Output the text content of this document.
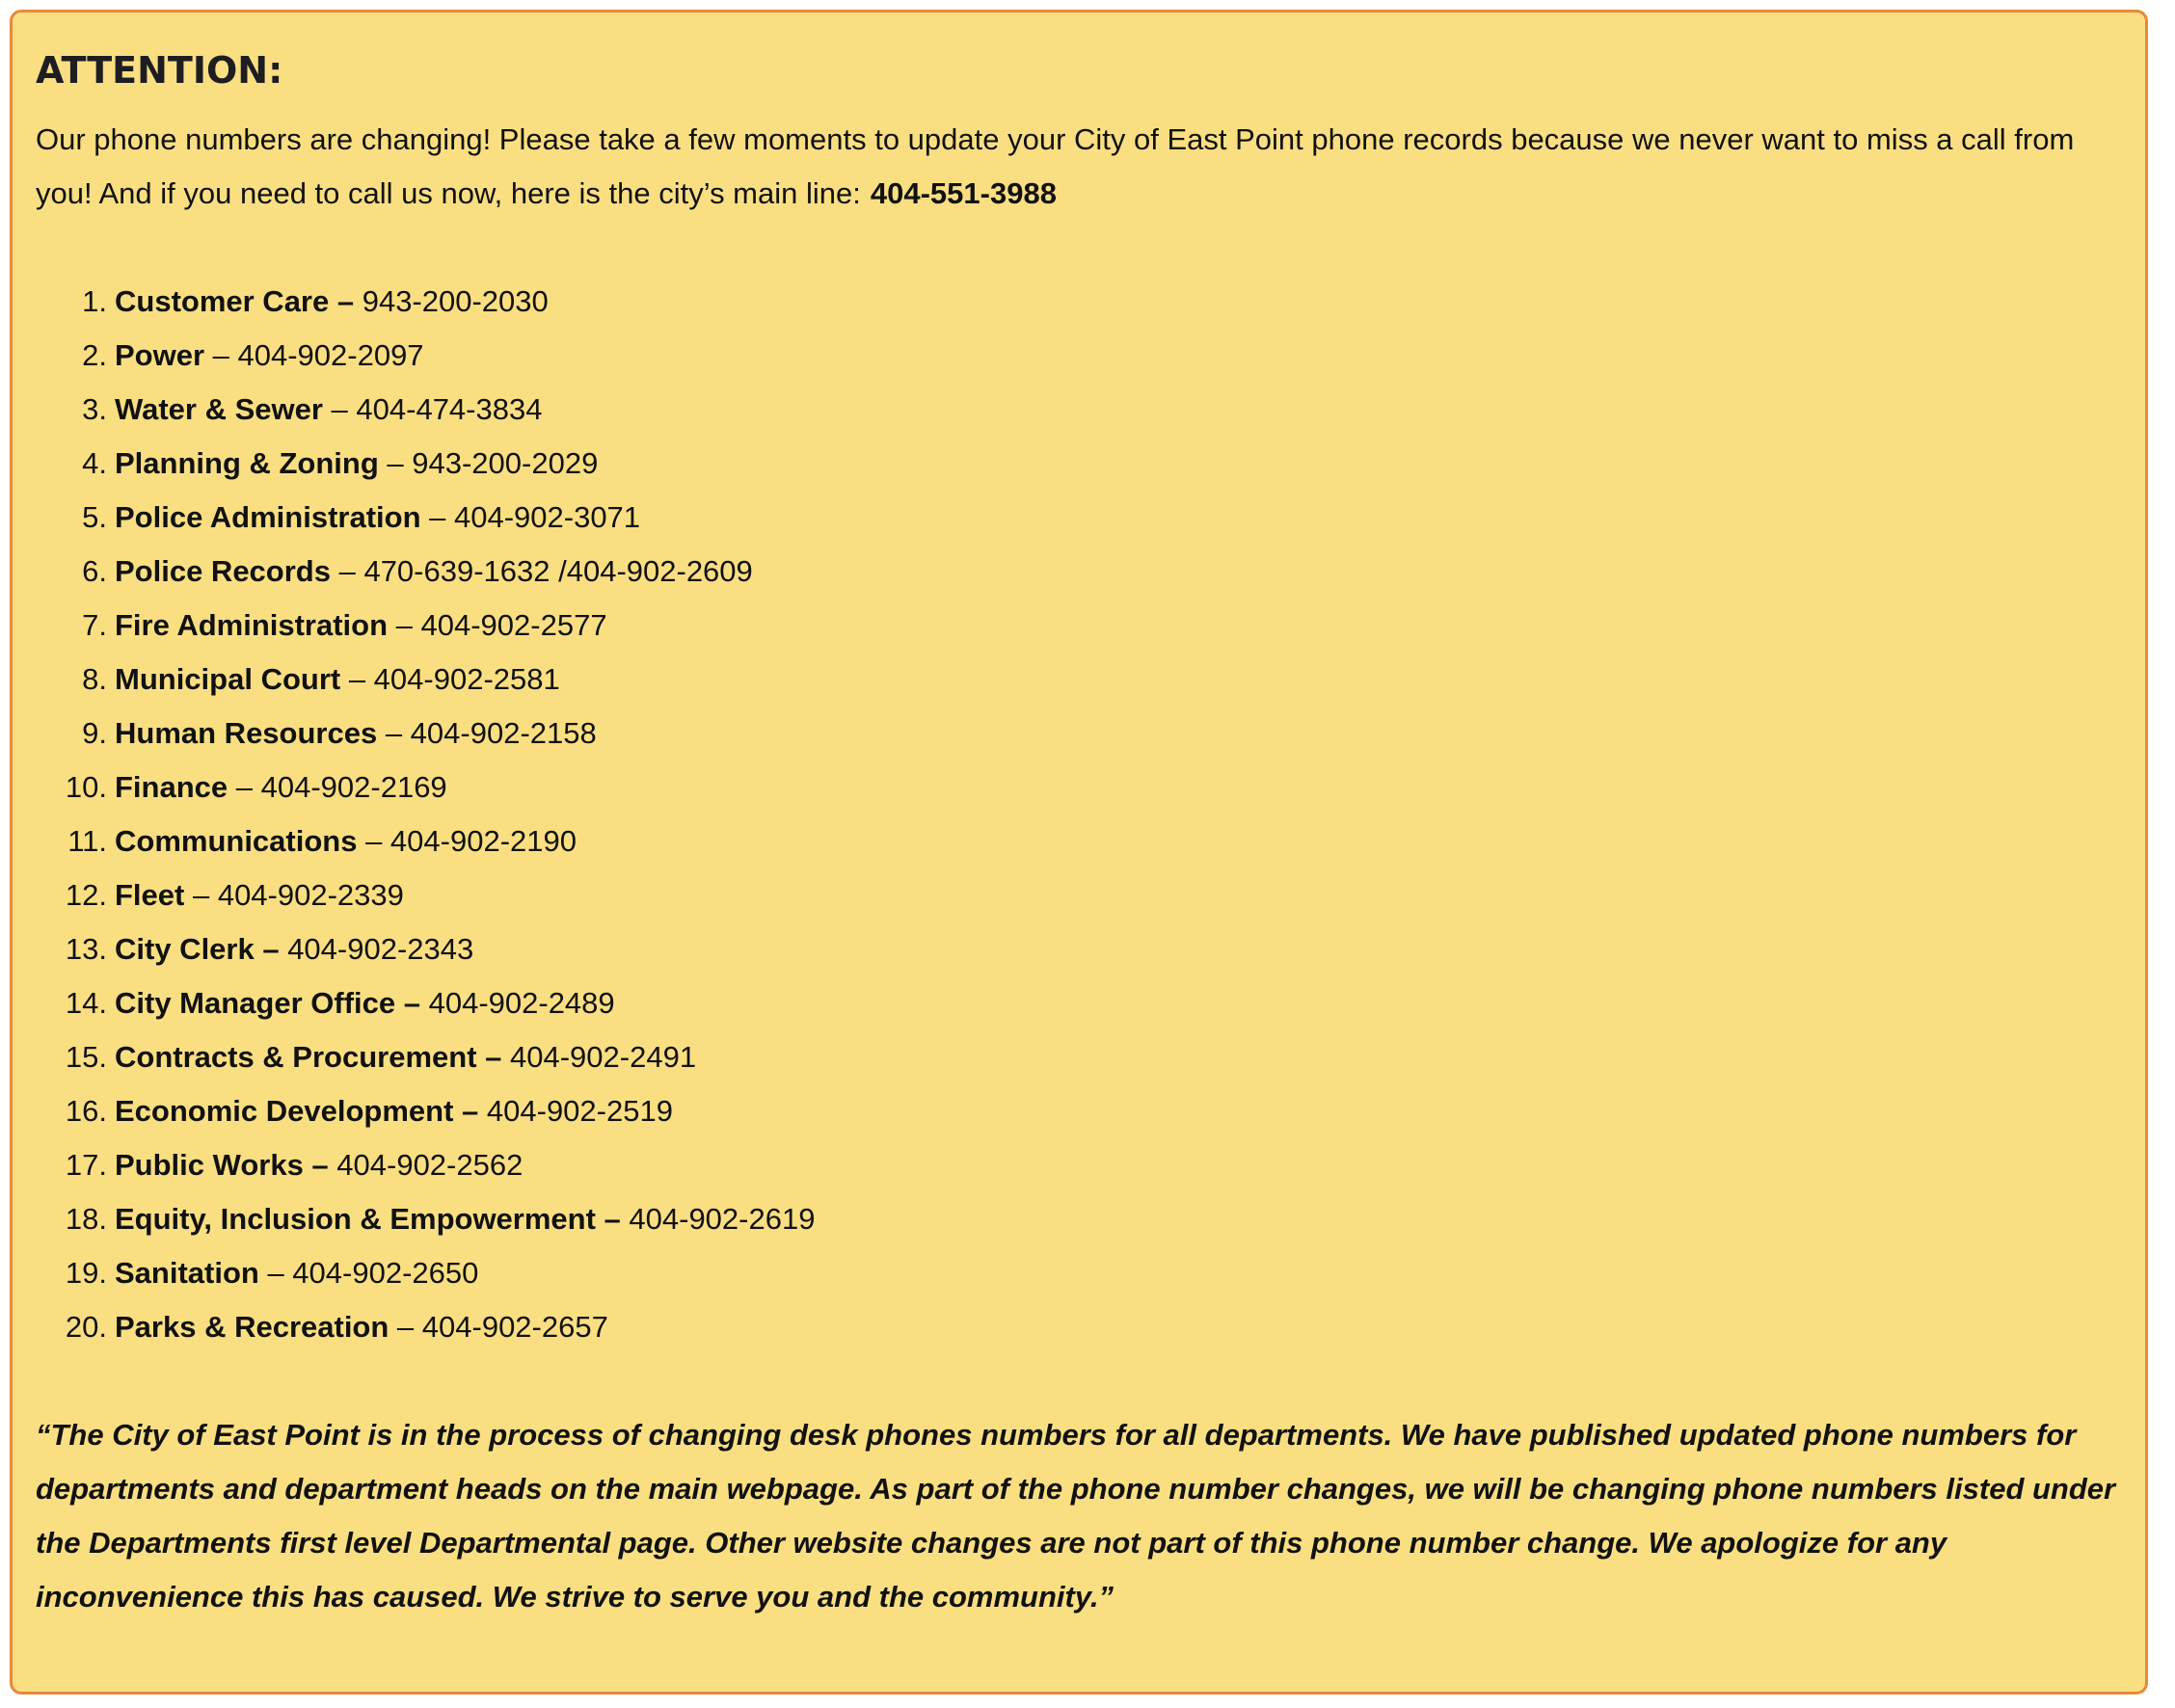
ATTENTION:

Our phone numbers are changing! Please take a few moments to update your City of East Point phone records because we never want to miss a call from you! And if you need to call us now, here is the city’s main line: 404-551-3988

1. Customer Care – 943-200-2030
2. Power – 404-902-2097
3. Water & Sewer – 404-474-3834
4. Planning & Zoning – 943-200-2029
5. Police Administration – 404-902-3071
6. Police Records – 470-639-1632 /404-902-2609
7. Fire Administration – 404-902-2577
8. Municipal Court – 404-902-2581
9. Human Resources – 404-902-2158
10. Finance – 404-902-2169
11. Communications – 404-902-2190
12. Fleet – 404-902-2339
13. City Clerk – 404-902-2343
14. City Manager Office – 404-902-2489
15. Contracts & Procurement – 404-902-2491
16. Economic Development – 404-902-2519
17. Public Works – 404-902-2562
18. Equity, Inclusion & Empowerment – 404-902-2619
19. Sanitation – 404-902-2650
20. Parks & Recreation – 404-902-2657

“The City of East Point is in the process of changing desk phones numbers for all departments. We have published updated phone numbers for departments and department heads on the main webpage. As part of the phone number changes, we will be changing phone numbers listed under the Departments first level Departmental page. Other website changes are not part of this phone number change. We apologize for any inconvenience this has caused. We strive to serve you and the community.”
